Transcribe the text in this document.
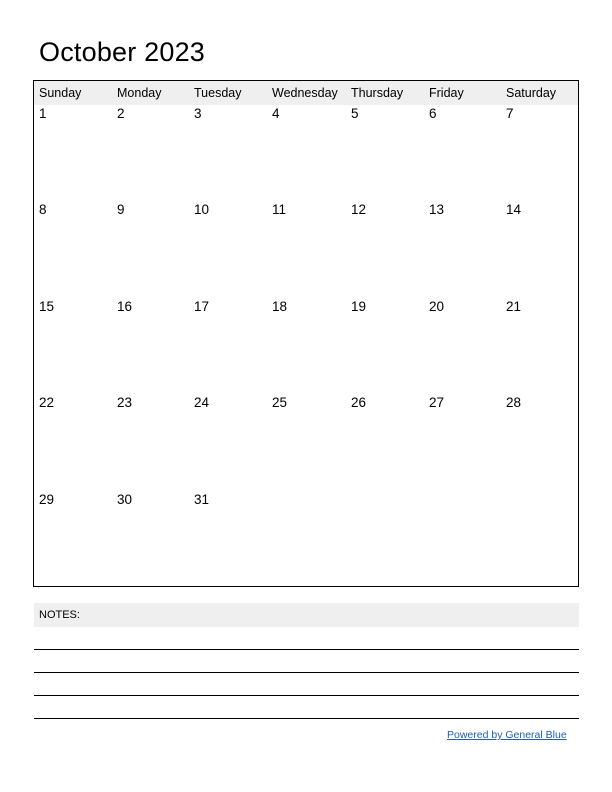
October 2023
Sunday	Monday	Tuesday Wednesday Thursday Friday	Saturday
1	2	3	4	5	6	7
8	9	10	11	12	13	14
15	16	17	18	19	20	21
22	23	24	25	26	27	28
29	30	31
NOTES:
Powered by General Blue
